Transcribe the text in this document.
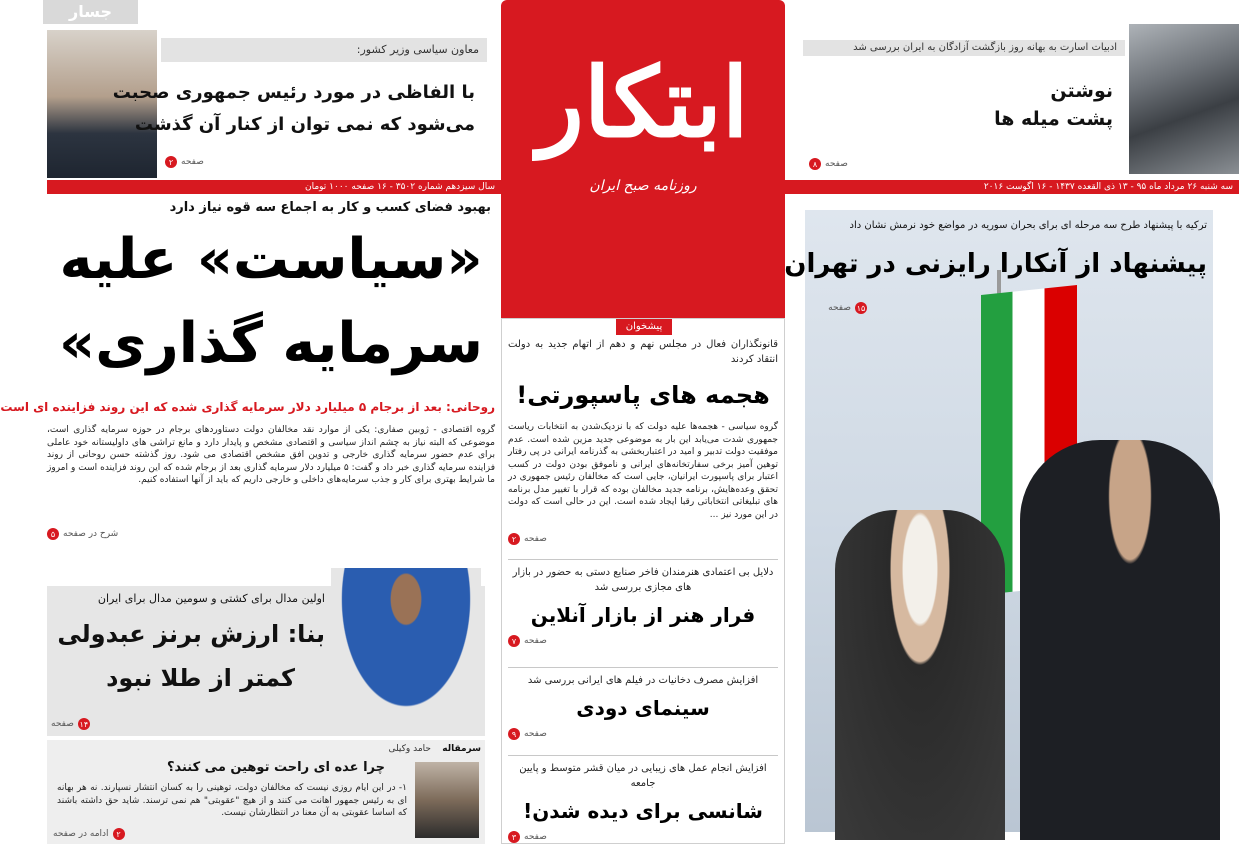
جسار
ابتکار
روزنامه صبح ایران
سال سیزدهم شماره ۳۵۰۲ - ۱۶ صفحه ۱۰۰۰ تومان	سه شنبه ۲۶ مرداد ماه ۹۵ - ۱۳ ذی القعده ۱۴۳۷ - ۱۶ اگوست ۲۰۱۶
ادبیات اسارت به بهانه روز بازگشت آزادگان به ایران بررسی شد
نوشتن
پشت میله ها
صفحه
۸
معاون سیاسی وزیر کشور:
با الفاظی در مورد رئیس جمهوری صحبت
می‌شود که نمی توان از کنار آن گذشت
صفحه
۲
ترکیه با پیشنهاد طرح سه مرحله ای برای بحران سوریه در مواضع خود نرمش نشان داد
پیشنهاد از آنکارا رایزنی در تهران
۱۵
صفحه
پیشخوان
قانونگذاران فعال در مجلس نهم و دهم از اتهام جدید به دولت انتقاد کردند
هجمه های پاسپورتی!
گروه سیاسی - هجمه‌ها علیه دولت که با نزدیک‌شدن به انتخابات ریاست جمهوری شدت می‌یابد این بار به موضوعی جدید مزین شده است. عدم موفقیت دولت تدبیر و امید در اعتباربخشی به گذرنامه ایرانی در پی رفتار توهین آمیز برخی سفارتخانه‌های ایرانی و ناموفق بودن دولت در کسب اعتبار برای پاسپورت ایرانیان، جایی است که مخالفان رئیس جمهوری در تحقق وعده‌هایش، برنامه جدید مخالفان بوده که قرار با تغییر مدل برنامه های تبلیغاتی انتخاباتی رقبا ایجاد شده است. این در حالی است که دولت در این مورد نیز ...
صفحه
۲
دلایل بی اعتمادی هنرمندان فاخر صنایع دستی به حضور در بازار های مجازی بررسی شد
فرار هنر از بازار آنلاین
صفحه
۷
افزایش مصرف دخانیات در فیلم های ایرانی بررسی شد
سینمای دودی
صفحه
۹
افزایش انجام عمل های زیبایی در میان قشر متوسط و پایین جامعه
شانسی برای دیده شدن!
صفحه
۳
بهبود فضای کسب و کار به اجماع سه قوه نیاز دارد
«سیاست» علیه
سرمایه گذاری»
روحانی: بعد از برجام ۵ میلیارد دلار سرمایه گذاری شده که این روند فزاینده ای است
گروه اقتصادی - ژوبین صفاری: یکی از موارد نقد مخالفان دولت دستاوردهای برجام در حوزه سرمایه گذاری است، موضوعی که البته نیاز به چشم انداز سیاسی و اقتصادی مشخص و پایدار دارد و مانع تراشی های داولیستانه خود عاملی برای عدم حضور سرمایه گذاری خارجی و تدوین افق مشخص اقتصادی می شود. روز گذشته حسن روحانی از روند فزاینده سرمایه گذاری خبر داد و گفت: ۵ میلیارد دلار سرمایه گذاری بعد از برجام شده که این روند فزاینده است و امروز ما شرایط بهتری برای کار و جذب سرمایه‌های داخلی و خارجی داریم که باید از آنها استفاده کنیم.
شرح در صفحه
۵
اولین مدال برای کشتی و سومین مدال برای ایران
بنا: ارزش برنز عبدولی
کمتر از طلا نبود
۱۴
صفحه
سرمقاله
حامد وکیلی
چرا عده ای راحت توهین می کنند؟
۱- در این ایام روزی نیست که مخالفان دولت، توهینی را به کسان انتشار نسپارند. نه هر بهانه ای به رئیس جمهور اهانت می کنند و از هیچ "عقوبتی" هم نمی ترسند. شاید حق داشته باشند که اساسا عقوبتی به آن معنا در انتظارشان نیست.
۲
ادامه در صفحه
